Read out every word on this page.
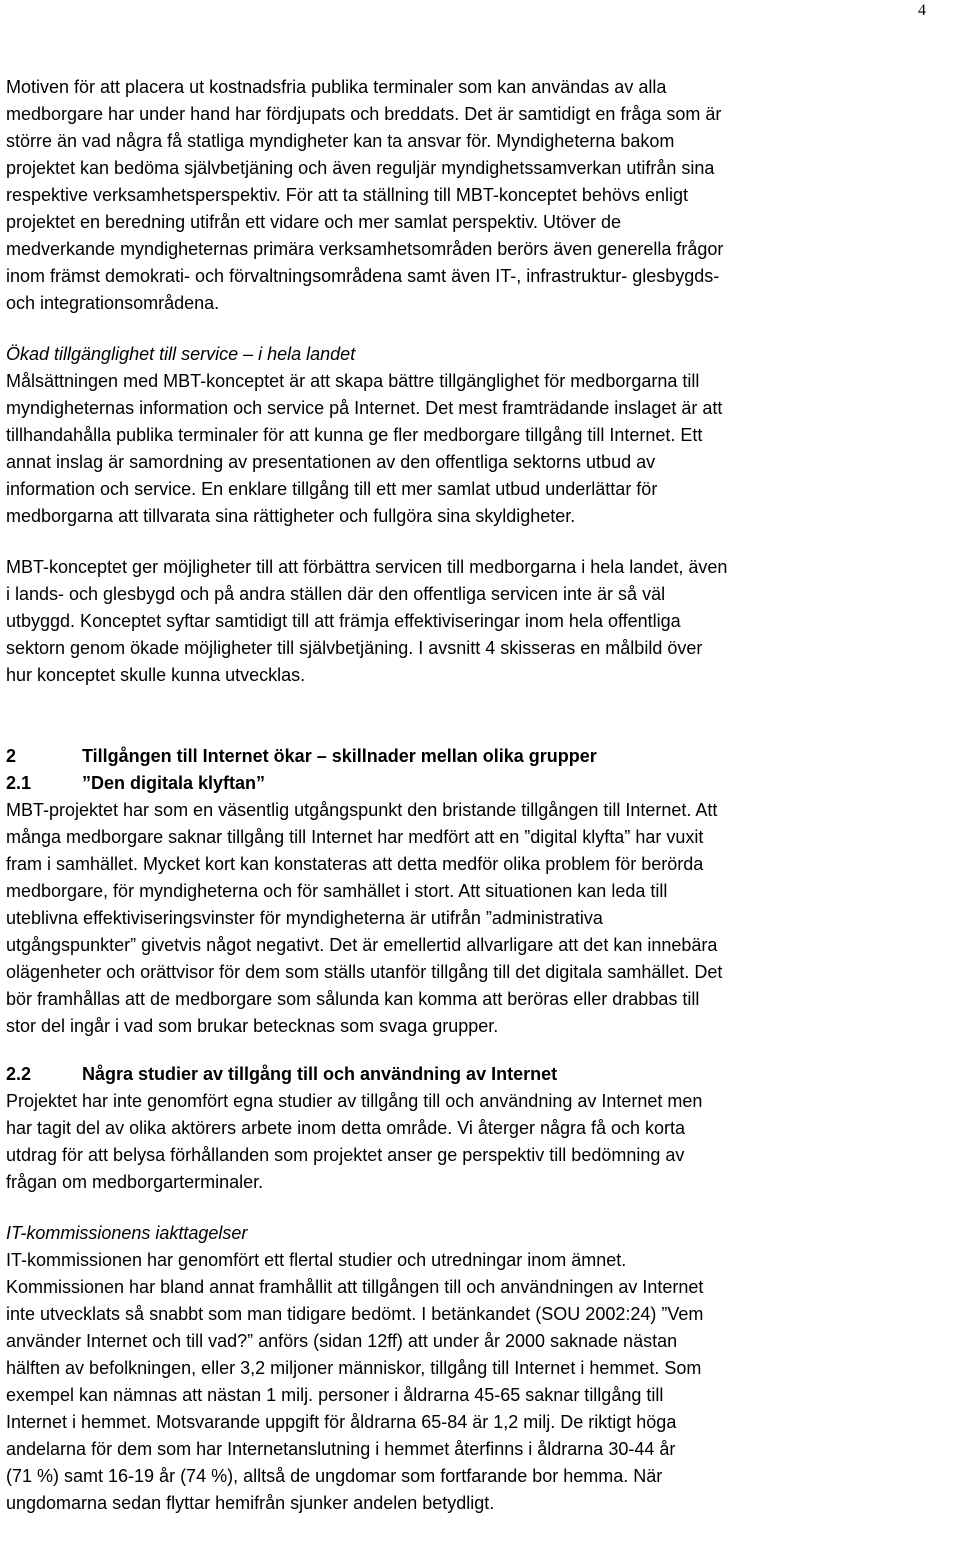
4
Motiven för att placera ut kostnadsfria publika terminaler som kan användas av alla
medborgare har under hand har fördjupats och breddats. Det är samtidigt en fråga som är
större än vad några få statliga myndigheter kan ta ansvar för. Myndigheterna bakom
projektet kan bedöma självbetjäning och även reguljär myndighetssamverkan utifrån sina
respektive verksamhetsperspektiv. För att ta ställning till MBT-konceptet behövs enligt
projektet en beredning utifrån ett vidare och mer samlat perspektiv. Utöver de
medverkande myndigheternas primära verksamhetsområden berörs även generella frågor
inom främst demokrati- och förvaltningsområdena samt även IT-, infrastruktur- glesbygds-
och integrationsområdena.
Ökad tillgänglighet till service – i hela landet
Målsättningen med MBT-konceptet är att skapa bättre tillgänglighet för medborgarna till
myndigheternas information och service på Internet. Det mest framträdande inslaget är att
tillhandahålla publika terminaler för att kunna ge fler medborgare tillgång till Internet. Ett
annat inslag är samordning av presentationen av den offentliga sektorns utbud av
information och service. En enklare tillgång till ett mer samlat utbud underlättar för
medborgarna att tillvarata sina rättigheter och fullgöra sina skyldigheter.
MBT-konceptet ger möjligheter till att förbättra servicen till medborgarna i hela landet, även
i lands- och glesbygd och på andra ställen där den offentliga servicen inte är så väl
utbyggd. Konceptet syftar samtidigt till att främja effektiviseringar inom hela offentliga
sektorn genom ökade möjligheter till självbetjäning. I avsnitt 4 skisseras en målbild över
hur konceptet skulle kunna utvecklas.
2	Tillgången till Internet ökar – skillnader mellan olika grupper
2.1	”Den digitala klyftan”
MBT-projektet har som en väsentlig utgångspunkt den bristande tillgången till Internet. Att
många medborgare saknar tillgång till Internet har medfört att en ”digital klyfta” har vuxit
fram i samhället. Mycket kort kan konstateras att detta medför olika problem för berörda
medborgare, för myndigheterna och för samhället i stort. Att situationen kan leda till
uteblivna effektiviseringsvinster för myndigheterna är utifrån ”administrativa
utgångspunkter” givetvis något negativt. Det är emellertid allvarligare att det kan innebära
olägenheter och orättvisor för dem som ställs utanför tillgång till det digitala samhället. Det
bör framhållas att de medborgare som sålunda kan komma att beröras eller drabbas till
stor del ingår i vad som brukar betecknas som svaga grupper.
2.2	Några studier av tillgång till och användning av Internet
Projektet har inte genomfört egna studier av tillgång till och användning av Internet men
har tagit del av olika aktörers arbete inom detta område. Vi återger några få och korta
utdrag för att belysa förhållanden som projektet anser ge perspektiv till bedömning av
frågan om medborgarterminaler.
IT-kommissionens iakttagelser
IT-kommissionen har genomfört ett flertal studier och utredningar inom ämnet.
Kommissionen har bland annat framhållit att tillgången till och användningen av Internet
inte utvecklats så snabbt som man tidigare bedömt. I betänkandet (SOU 2002:24) ”Vem
använder Internet och till vad?” anförs (sidan 12ff) att under år 2000 saknade nästan
hälften av befolkningen, eller 3,2 miljoner människor, tillgång till Internet i hemmet. Som
exempel kan nämnas att nästan 1 milj. personer i åldrarna 45-65 saknar tillgång till
Internet i hemmet. Motsvarande uppgift för åldrarna 65-84 är 1,2 milj. De riktigt höga
andelarna för dem som har Internetanslutning i hemmet återfinns i åldrarna 30-44 år
(71 %) samt 16-19 år (74 %), alltså de ungdomar som fortfarande bor hemma. När
ungdomarna sedan flyttar hemifrån sjunker andelen betydligt.
